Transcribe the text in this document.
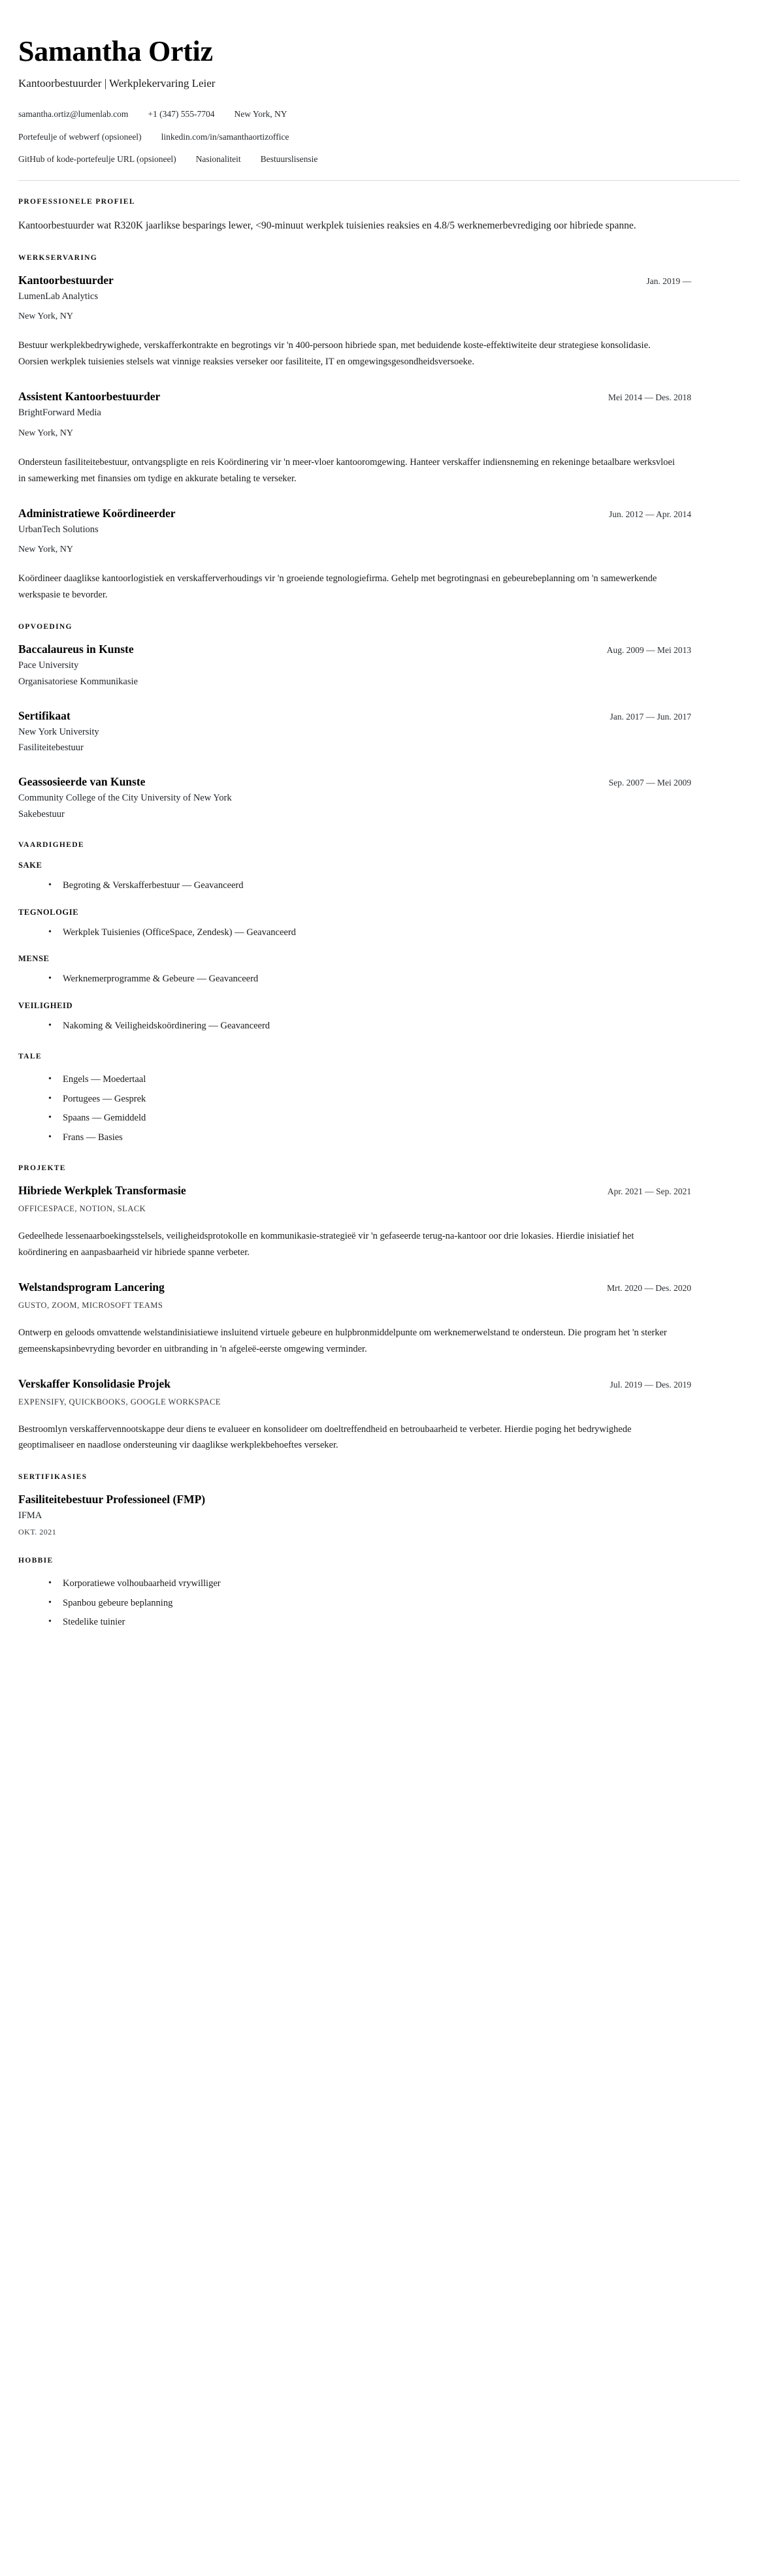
Samantha Ortiz
Kantoorbestuurder | Werkplekervaring Leier
samantha.ortiz@lumenlab.com +1 (347) 555-7704 New York, NY
Portefeulje of webwerf (opsioneel) linkedin.com/in/samanthaortizoffice
GitHub of kode-portefeulje URL (opsioneel) Nasionaliteit Bestuurslisensie
PROFESSIONELE PROFIEL

Kantoorbestuurder wat R320K jaarlikse besparings lewer, <90-minuut werkplek tuisienies reaksies en 4.8/5 werknemerbevrediging oor hibriede spanne.

WERKSERVARING
Kantoorbestuurder	Jan. 2019 —
LumenLab Analytics
New York, NY

Bestuur werkplekbedrywighede, verskafferkontrakte en begrotings vir 'n 400-persoon hibriede span, met beduidende koste-effektiwiteite deur strategiese konsolidasie. Oorsien werkplek tuisienies stelsels wat vinnige reaksies verseker oor fasiliteite, IT en omgewingsgesondheidsversoeke.

Assistent Kantoorbestuurder	Mei 2014 — Des. 2018
BrightForward Media
New York, NY

Ondersteun fasiliteitebestuur, ontvangspligte en reis Koördinering vir 'n meer-vloer kantooromgewing. Hanteer verskaffer indiensneming en rekeninge betaalbare werksvloei in samewerking met finansies om tydige en akkurate betaling te verseker.

Administratiewe Koördineerder	Jun. 2012 — Apr. 2014
UrbanTech Solutions
New York, NY

Koördineer daaglikse kantoorlogistiek en verskafferverhoudings vir 'n groeiende tegnologiefirma. Gehelp met begrotingnasi en gebeurebeplanning om 'n samewerkende werkspasie te bevorder.

OPVOEDING
Baccalaureus in Kunste	Aug. 2009 — Mei 2013
Pace University
Organisatoriese Kommunikasie
Sertifikaat	Jan. 2017 — Jun. 2017
New York University
Fasiliteitebestuur
Geassosieerde van Kunste	Sep. 2007 — Mei 2009
Community College of the City University of New York
Sakebestuur
VAARDIGHEDE
SAKE
• Begroting & Verskafferbestuur — Geavanceerd
TEGNOLOGIE
• Werkplek Tuisienies (OfficeSpace, Zendesk) — Geavanceerd
MENSE
• Werknemerprogramme & Gebeure — Geavanceerd
VEILIGHEID
• Nakoming & Veiligheidskoördinering — Geavanceerd
TALE
• Engels — Moedertaal
• Portugees — Gesprek
• Spaans — Gemiddeld
• Frans — Basies
PROJEKTE
Hibriede Werkplek Transformasie	Apr. 2021 — Sep. 2021
OFFICESPACE, NOTION, SLACK

Gedeelhede lessenaarboekingsstelsels, veiligheidsprotokolle en kommunikasie-strategieë vir 'n gefaseerde terug-na-kantoor oor drie lokasies. Hierdie inisiatief het koördinering en aanpasbaarheid vir hibriede spanne verbeter.

Welstandsprogram Lancering	Mrt. 2020 — Des. 2020
GUSTO, ZOOM, MICROSOFT TEAMS

Ontwerp en geloods omvattende welstandinisiatiewe insluitend virtuele gebeure en hulpbronmiddelpunte om werknemerwelstand te ondersteun. Die program het 'n sterker gemeenskapsinbevryding bevorder en uitbranding in 'n afgeleë-eerste omgewing verminder.

Verskaffer Konsolidasie Projek	Jul. 2019 — Des. 2019
EXPENSIFY, QUICKBOOKS, GOOGLE WORKSPACE

Bestroomlyn verskaffervennootskappe deur diens te evalueer en konsolideer om doeltreffendheid en betroubaarheid te verbeter. Hierdie poging het bedrywighede geoptimaliseer en naadlose ondersteuning vir daaglikse werkplekbehoeftes verseker.

SERTIFIKASIES
Fasiliteitebestuur Professioneel (FMP)
IFMA
OKT. 2021
HOBBIE
• Korporatiewe volhoubaarheid vrywilliger
• Spanbou gebeure beplanning
• Stedelike tuinier
